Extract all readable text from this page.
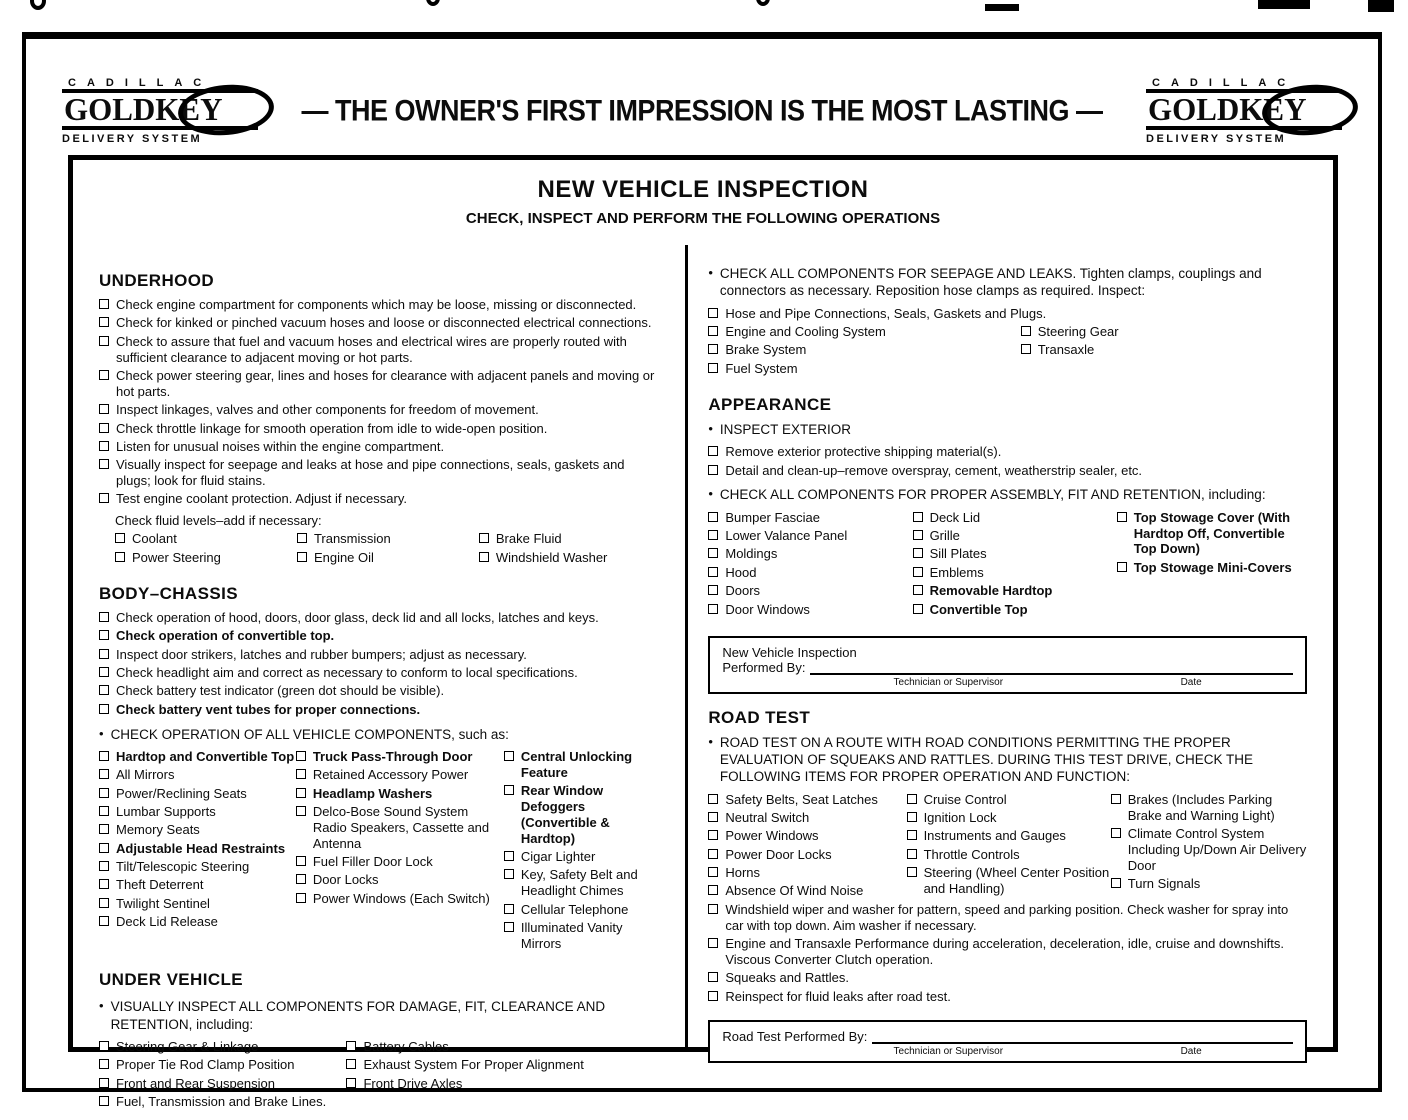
CADILLAC
GOLDKEY
DELIVERY SYSTEM
— THE OWNER'S FIRST IMPRESSION IS THE MOST LASTING —
CADILLAC
GOLDKEY
DELIVERY SYSTEM
NEW VEHICLE INSPECTION
CHECK, INSPECT AND PERFORM THE FOLLOWING OPERATIONS
UNDERHOOD
Check engine compartment for components which may be loose, missing or disconnected.
Check for kinked or pinched vacuum hoses and loose or disconnected electrical connections.
Check to assure that fuel and vacuum hoses and electrical wires are properly routed with sufficient clearance to adjacent moving or hot parts.
Check power steering gear, lines and hoses for clearance with adjacent panels and moving or hot parts.
Inspect linkages, valves and other components for freedom of movement.
Check throttle linkage for smooth operation from idle to wide-open position.
Listen for unusual noises within the engine compartment.
Visually inspect for seepage and leaks at hose and pipe connections, seals, gaskets and plugs; look for fluid stains.
Test engine coolant protection. Adjust if necessary.
Check fluid levels–add if necessary:
Coolant
Power Steering
Transmission
Engine Oil
Brake Fluid
Windshield Washer
BODY–CHASSIS
Check operation of hood, doors, door glass, deck lid and all locks, latches and keys.
Check operation of convertible top.
Inspect door strikers, latches and rubber bumpers; adjust as necessary.
Check headlight aim and correct as necessary to conform to local specifications.
Check battery test indicator (green dot should be visible).
Check battery vent tubes for proper connections.
• CHECK OPERATION OF ALL VEHICLE COMPONENTS, such as:
Hardtop and Convertible Top
All Mirrors
Power/Reclining Seats
Lumbar Supports
Memory Seats
Adjustable Head Restraints
Tilt/Telescopic Steering
Theft Deterrent
Twilight Sentinel
Deck Lid Release
Truck Pass-Through Door
Retained Accessory Power
Headlamp Washers
Delco-Bose Sound System Radio Speakers, Cassette and Antenna
Fuel Filler Door Lock
Door Locks
Power Windows (Each Switch)
Central Unlocking Feature
Rear Window Defoggers (Convertible & Hardtop)
Cigar Lighter
Key, Safety Belt and Headlight Chimes
Cellular Telephone
Illuminated Vanity Mirrors
UNDER VEHICLE
• VISUALLY INSPECT ALL COMPONENTS FOR DAMAGE, FIT, CLEARANCE AND RETENTION, including:
Steering Gear & Linkage
Proper Tie Rod Clamp Position
Front and Rear Suspension
Fuel, Transmission and Brake Lines.
Battery Cables
Exhaust System For Proper Alignment
Front Drive Axles
• CHECK ALL COMPONENTS FOR SEEPAGE AND LEAKS. Tighten clamps, couplings and connectors as necessary. Reposition hose clamps as required. Inspect:
Hose and Pipe Connections, Seals, Gaskets and Plugs.
Engine and Cooling System
Brake System
Fuel System
Steering Gear
Transaxle
APPEARANCE
• INSPECT EXTERIOR
Remove exterior protective shipping material(s).
Detail and clean-up–remove overspray, cement, weatherstrip sealer, etc.
• CHECK ALL COMPONENTS FOR PROPER ASSEMBLY, FIT AND RETENTION, including:
Bumper Fasciae
Lower Valance Panel
Moldings
Hood
Doors
Door Windows
Deck Lid
Grille
Sill Plates
Emblems
Removable Hardtop
Convertible Top
Top Stowage Cover (With Hardtop Off, Convertible Top Down)
Top Stowage Mini-Covers
New Vehicle Inspection
Performed By:
Technician or Supervisor	Date
ROAD TEST
• ROAD TEST ON A ROUTE WITH ROAD CONDITIONS PERMITTING THE PROPER EVALUATION OF SQUEAKS AND RATTLES. DURING THIS TEST DRIVE, CHECK THE FOLLOWING ITEMS FOR PROPER OPERATION AND FUNCTION:
Safety Belts, Seat Latches
Neutral Switch
Power Windows
Power Door Locks
Horns
Absence Of Wind Noise
Cruise Control
Ignition Lock
Instruments and Gauges
Throttle Controls
Steering (Wheel Center Position and Handling)
Brakes (Includes Parking Brake and Warning Light)
Climate Control System Including Up/Down Air Delivery Door
Turn Signals
Windshield wiper and washer for pattern, speed and parking position. Check washer for spray into car with top down. Aim washer if necessary.
Engine and Transaxle Performance during acceleration, deceleration, idle, cruise and downshifts. Viscous Converter Clutch operation.
Squeaks and Rattles.
Reinspect for fluid leaks after road test.
Road Test Performed By:
Technician or Supervisor	Date
